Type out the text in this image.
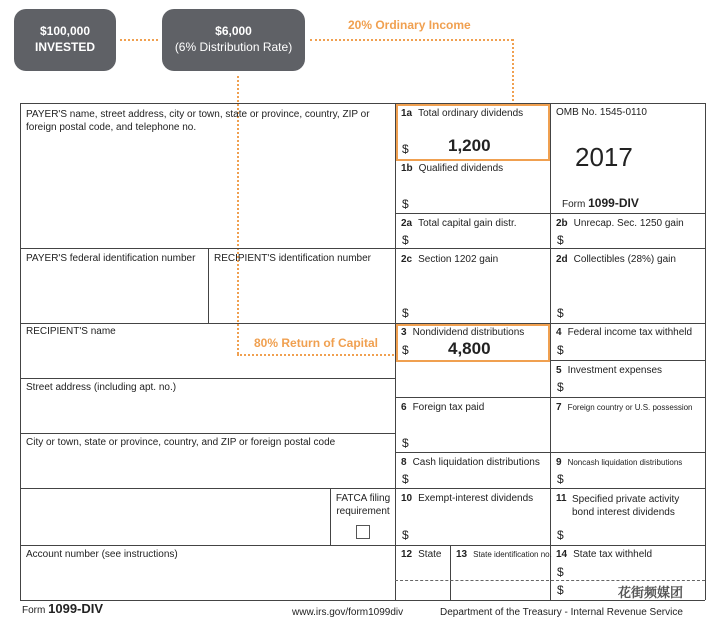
$100,000
INVESTED
$6,000
(6% Distribution Rate)
20% Ordinary Income
80% Return of Capital
PAYER'S name, street address, city or town, state or province, country, ZIP or foreign postal code, and telephone no.
PAYER'S federal identification number RECIPIENT'S identification number
RECIPIENT'S name
Street address (including apt. no.)
City or town, state or province, country, and ZIP or foreign postal code
FATCA filing requirement
Account number (see instructions)
OMB No. 1545-0110
2017
Form 1099-DIV
1a Total ordinary dividends
$ 1,200
1b Qualified dividends
$
2a Total capital gain distr.
$
2b Unrecap. Sec. 1250 gain
$
2c Section 1202 gain
$
2d Collectibles (28%) gain
$
3 Nondividend distributions
$ 4,800
4 Federal income tax withheld
$
5 Investment expenses
$
6 Foreign tax paid
$
7 Foreign country or U.S. possession
8 Cash liquidation distributions
$
9 Noncash liquidation distributions
$
10 Exempt-interest dividends
$
11 Specified private activity bond interest dividends
$
12 State 13 State identification no. 14 State tax withheld
$
$
Form 1099-DIV	www.irs.gov/form1099div	Department of the Treasury - Internal Revenue Service
花街频媒团
